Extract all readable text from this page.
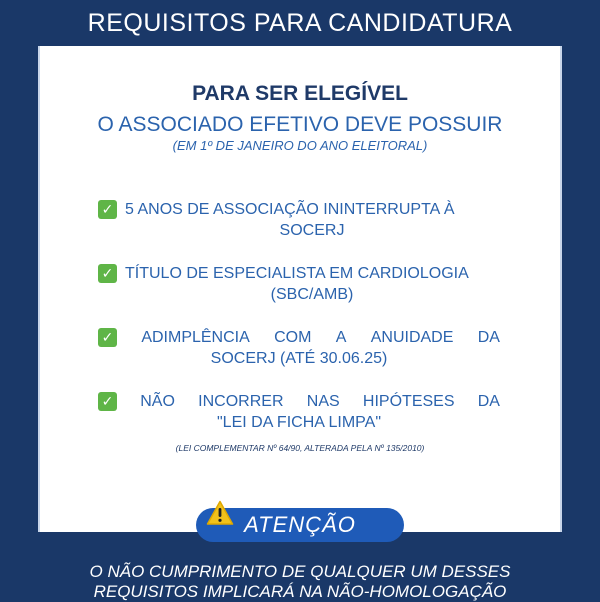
REQUISITOS PARA CANDIDATURA
PARA SER ELEGÍVEL
O ASSOCIADO EFETIVO DEVE POSSUIR
(EM 1º DE JANEIRO DO ANO ELEITORAL)
✓ 5 ANOS DE ASSOCIAÇÃO ININTERRUPTA À
SOCERJ
✓ TÍTULO DE ESPECIALISTA EM CARDIOLOGIA
(SBC/AMB)
✓ ADIMPLÊNCIA COM A ANUIDADE DA
SOCERJ (ATÉ 30.06.25)
✓ NÃO INCORRER NAS HIPÓTESES DA
"LEI DA FICHA LIMPA"
(LEI COMPLEMENTAR Nº 64/90, ALTERADA PELA Nº 135/2010)
O NÃO CUMPRIMENTO DE QUALQUER UM DESSES
REQUISITOS IMPLICARÁ NA NÃO-HOMOLOGAÇÃO
ATENÇÃO
